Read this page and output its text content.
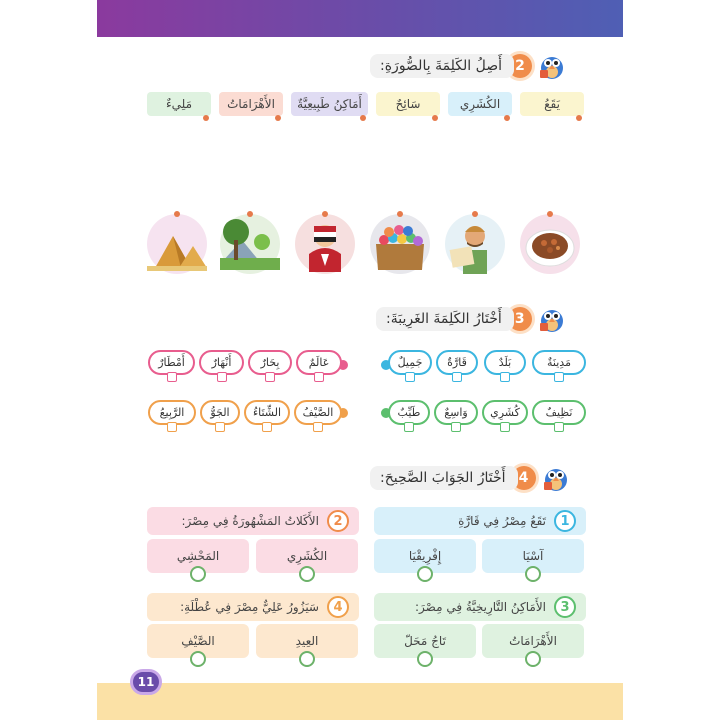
2
أَصِلُ الكَلِمَةَ بِالصُّورَةِ:
يَقَعُ
الكُشَرِي
سَائِحٌ
أَمَاكِنُ طَبِيعِيَّةٌ
الأَهْرَامَاتُ
مَلِيءٌ
3
أَخْتَارُ الكَلِمَةَ الغَرِيبَةَ:
مَدِينَةٌ
بَلَدٌ
قَارَّةٌ
جَمِيلٌ
عَالَمٌ
بِحَارٌ
أَنْهَارٌ
أَمْطَارٌ
نَظِيفٌ
كُشَرِي
وَاسِعٌ
طَيِّبٌ
الصَّيْفُ
الشِّتَاءُ
الجَوُّ
الرَّبِيعُ
4
أَخْتَارُ الجَوَابَ الصَّحِيحَ:
1
تَقَعُ مِصْرُ فِي قَارَّةِ
آسْيَا
إِفْرِيقْيَا
2
الأَكَلاتُ المَشْهُورَةُ فِي مِصْرَ:
الكُشَرِي
المَحْشِي
3
الأَمَاكِنُ التَّارِيخِيَّةُ فِي مِصْرَ:
الأَهْرَامَاتُ
تَاجُ مَحَلّ
4
سَيَزُورُ عَلِيٌّ مِصْرَ فِي عُطْلَةِ:
العِيدِ
الصَّيْفِ
11
